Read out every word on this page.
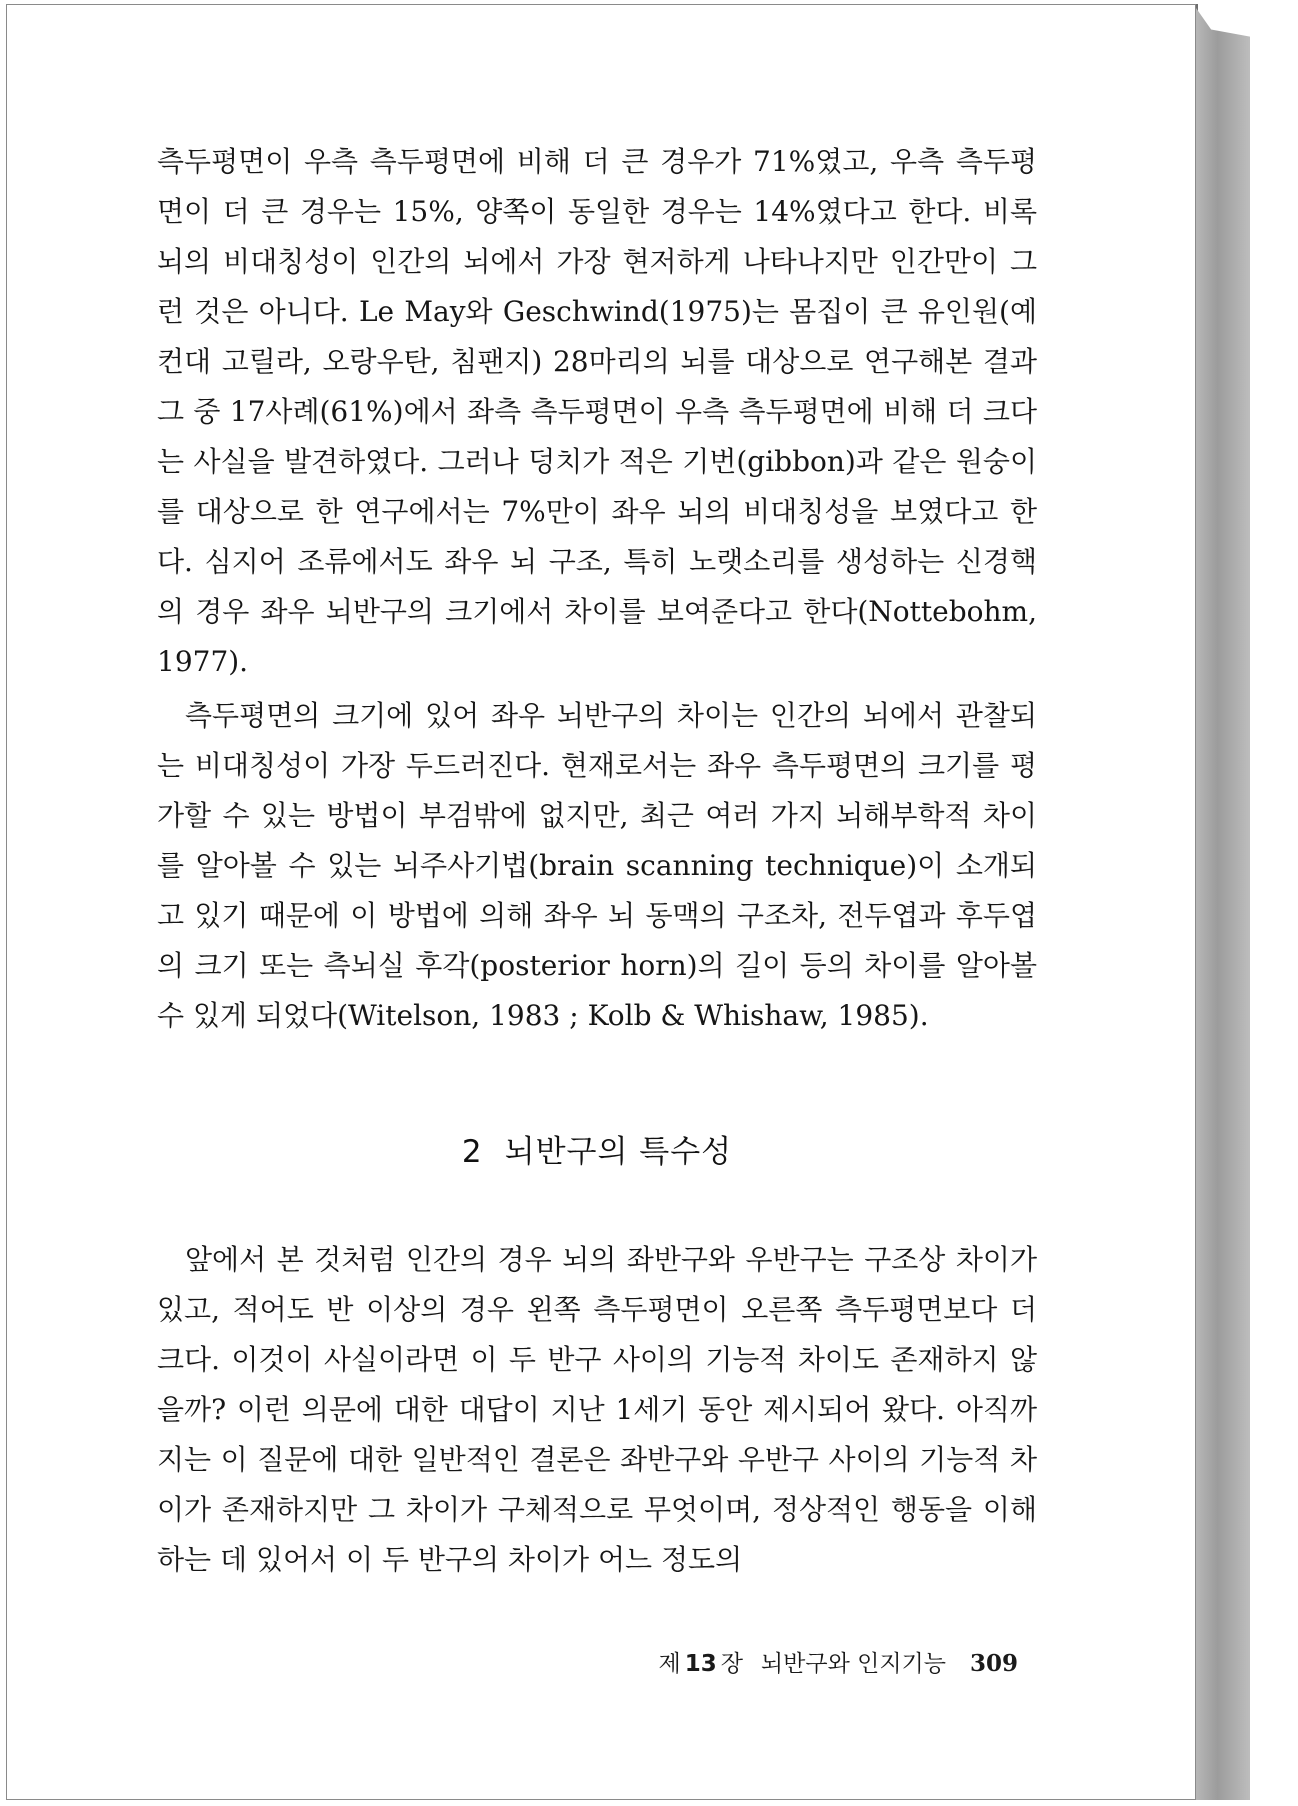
측두평면이 우측 측두평면에 비해 더 큰 경우가 71%였고, 우측 측두평면이 더 큰 경우는 15%, 양쪽이 동일한 경우는 14%였다고 한다. 비록 뇌의 비대칭성이 인간의 뇌에서 가장 현저하게 나타나지만 인간만이 그런 것은 아니다. Le May와 Geschwind(1975)는 몸집이 큰 유인원(예컨대 고릴라, 오랑우탄, 침팬지) 28마리의 뇌를 대상으로 연구해본 결과 그 중 17사례(61%)에서 좌측 측두평면이 우측 측두평면에 비해 더 크다는 사실을 발견하였다. 그러나 덩치가 적은 기번(gibbon)과 같은 원숭이를 대상으로 한 연구에서는 7%만이 좌우 뇌의 비대칭성을 보였다고 한다. 심지어 조류에서도 좌우 뇌 구조, 특히 노랫소리를 생성하는 신경핵의 경우 좌우 뇌반구의 크기에서 차이를 보여준다고 한다(Nottebohm, 1977).

측두평면의 크기에 있어 좌우 뇌반구의 차이는 인간의 뇌에서 관찰되는 비대칭성이 가장 두드러진다. 현재로서는 좌우 측두평면의 크기를 평가할 수 있는 방법이 부검밖에 없지만, 최근 여러 가지 뇌해부학적 차이를 알아볼 수 있는 뇌주사기법(brain scanning technique)이 소개되고 있기 때문에 이 방법에 의해 좌우 뇌 동맥의 구조차, 전두엽과 후두엽의 크기 또는 측뇌실 후각(posterior horn)의 길이 등의 차이를 알아볼 수 있게 되었다(Witelson, 1983 ; Kolb & Whishaw, 1985).

2 뇌반구의 특수성

앞에서 본 것처럼 인간의 경우 뇌의 좌반구와 우반구는 구조상 차이가 있고, 적어도 반 이상의 경우 왼쪽 측두평면이 오른쪽 측두평면보다 더 크다. 이것이 사실이라면 이 두 반구 사이의 기능적 차이도 존재하지 않을까? 이런 의문에 대한 대답이 지난 1세기 동안 제시되어 왔다. 아직까지는 이 질문에 대한 일반적인 결론은 좌반구와 우반구 사이의 기능적 차이가 존재하지만 그 차이가 구체적으로 무엇이며, 정상적인 행동을 이해하는 데 있어서 이 두 반구의 차이가 어느 정도의

제 13 장 뇌반구와 인지기능 309
